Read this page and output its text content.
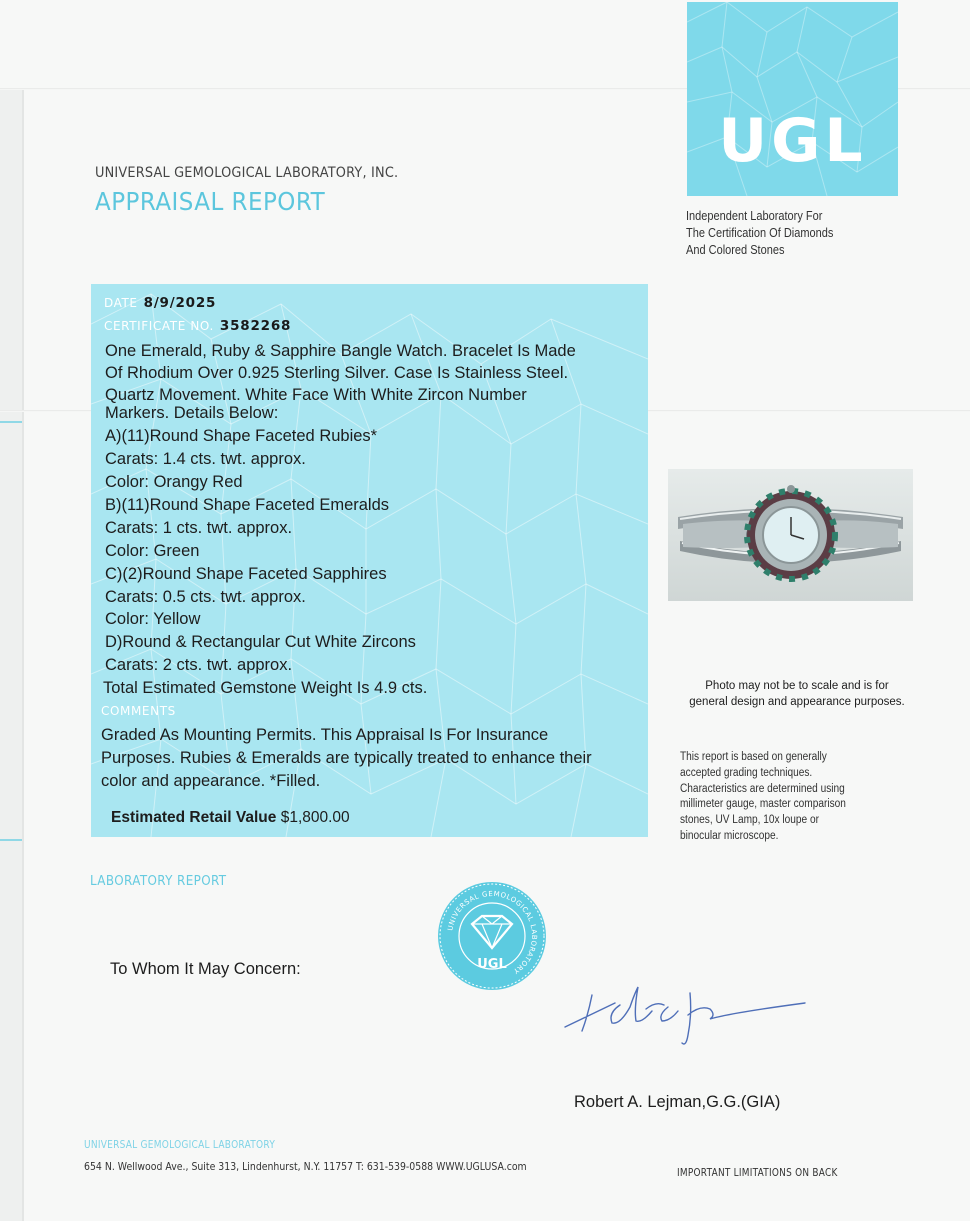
UGL
Independent Laboratory For
The Certification Of Diamonds
And Colored Stones
UNIVERSAL GEMOLOGICAL LABORATORY, INC.
APPRAISAL REPORT
DATE 8/9/2025
CERTIFICATE NO. 3582268
One Emerald, Ruby & Sapphire Bangle Watch. Bracelet Is Made
Of Rhodium Over 0.925 Sterling Silver. Case Is Stainless Steel.
Quartz Movement. White Face With White Zircon Number
Markers. Details Below:
A)(11)Round Shape Faceted Rubies*
Carats: 1.4 cts. twt. approx.
Color: Orangy Red
B)(11)Round Shape Faceted Emeralds
Carats: 1 cts. twt. approx.
Color: Green
C)(2)Round Shape Faceted Sapphires
Carats: 0.5 cts. twt. approx.
Color: Yellow
D)Round & Rectangular Cut White Zircons
Carats: 2 cts. twt. approx.
Total Estimated Gemstone Weight Is 4.9 cts.
COMMENTS
Graded As Mounting Permits. This Appraisal Is For Insurance
Purposes. Rubies & Emeralds are typically treated to enhance their
color and appearance. *Filled.
Estimated Retail Value $1,800.00
Photo may not be to scale and is for
general design and appearance purposes.
This report is based on generally
accepted grading techniques.
Characteristics are determined using
millimeter gauge, master comparison
stones, UV Lamp, 10x loupe or
binocular microscope.
LABORATORY REPORT
To Whom It May Concern:
UNIVERSAL GEMOLOGICAL LABORATORY
UGL
Robert A. Lejman,G.G.(GIA)
UNIVERSAL GEMOLOGICAL LABORATORY
654 N. Wellwood Ave., Suite 313, Lindenhurst, N.Y. 11757 T: 631-539-0588 WWW.UGLUSA.com	IMPORTANT LIMITATIONS ON BACK
